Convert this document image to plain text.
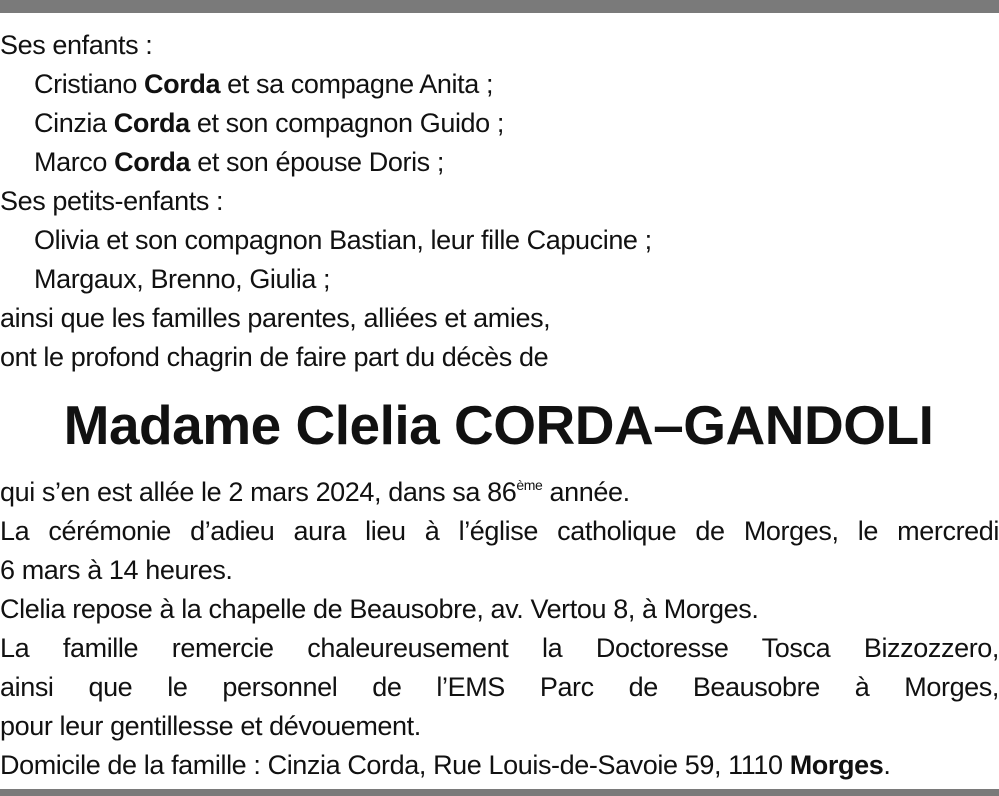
Ses enfants :
Cristiano Corda et sa compagne Anita ;
Cinzia Corda et son compagnon Guido ;
Marco Corda et son épouse Doris ;
Ses petits-enfants :
Olivia et son compagnon Bastian, leur fille Capucine ;
Margaux, Brenno, Giulia ;
ainsi que les familles parentes, alliées et amies,
ont le profond chagrin de faire part du décès de
Madame Clelia CORDA–GANDOLI
qui s’en est allée le 2 mars 2024, dans sa 86ème année.
La cérémonie d’adieu aura lieu à l’église catholique de Morges, le mercredi
6 mars à 14 heures.
Clelia repose à la chapelle de Beausobre, av. Vertou 8, à Morges.
La famille remercie chaleureusement la Doctoresse Tosca Bizzozzero,
ainsi que le personnel de l’EMS Parc de Beausobre à Morges,
pour leur gentillesse et dévouement.
Domicile de la famille : Cinzia Corda, Rue Louis-de-Savoie 59, 1110 Morges.
